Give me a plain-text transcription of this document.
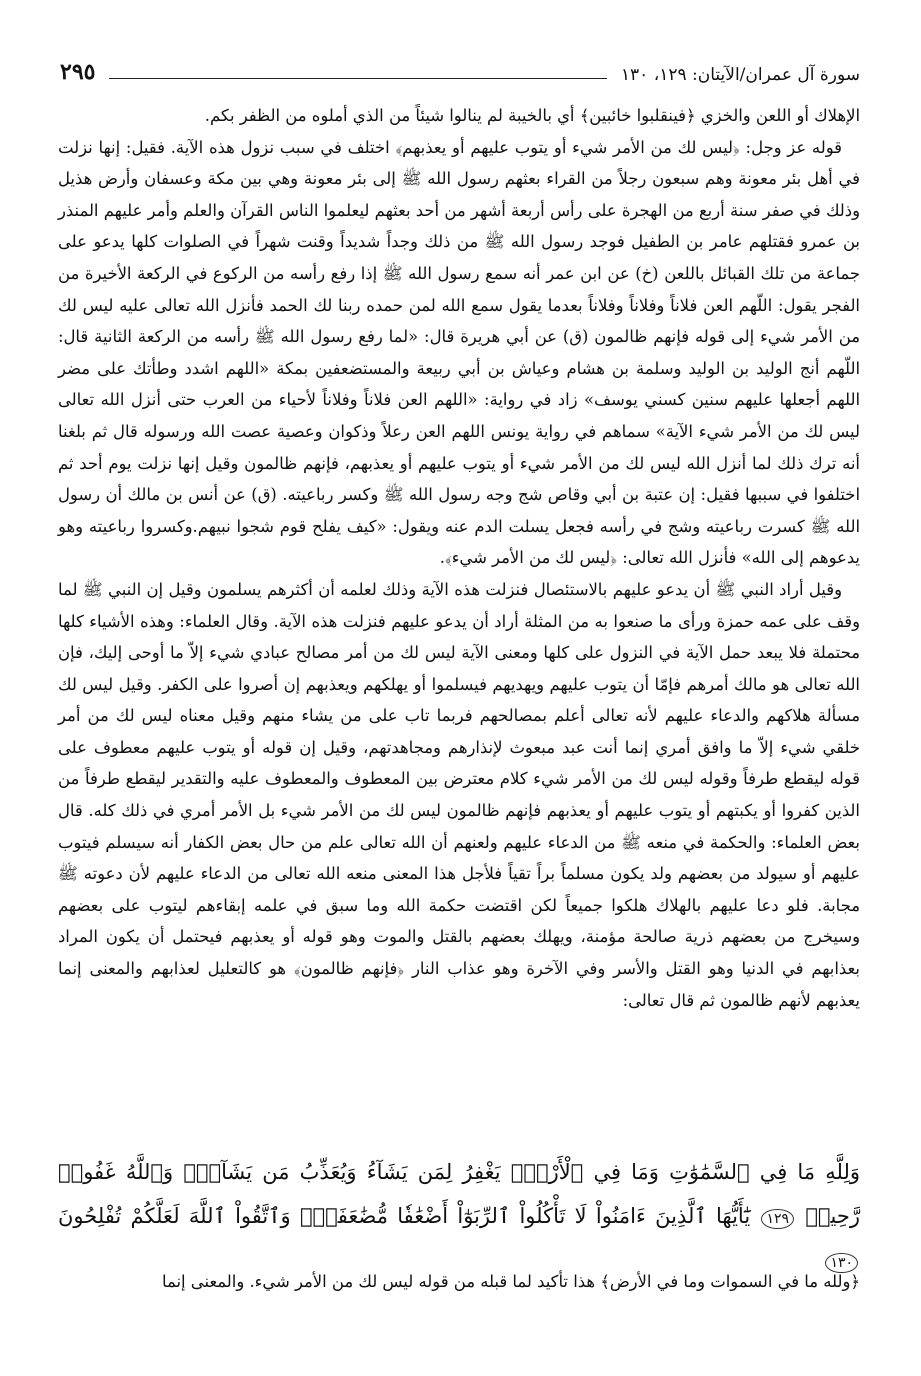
سورة آل عمران/الآيتان: ١٢٩، ١٣٠
٢٩٥

الإهلاك أو اللعن والخزي ﴿فينقلبوا خائبين﴾ أي بالخيبة لم ينالوا شيئاً من الذي أملوه من الظفر بكم.

قوله عز وجل: ﴿ليس لك من الأمر شيء أو يتوب عليهم أو يعذبهم﴾ اختلف في سبب نزول هذه الآية. فقيل: إنها نزلت في أهل بئر معونة وهم سبعون رجلاً من القراء بعثهم رسول الله ﷺ إلى بئر معونة وهي بين مكة وعسفان وأرض هذيل وذلك في صفر سنة أربع من الهجرة على رأس أربعة أشهر من أحد بعثهم ليعلموا الناس القرآن والعلم وأمر عليهم المنذر بن عمرو فقتلهم عامر بن الطفيل فوجد رسول الله ﷺ من ذلك وجداً شديداً وقنت شهراً في الصلوات كلها يدعو على جماعة من تلك القبائل باللعن (خ) عن ابن عمر أنه سمع رسول الله ﷺ إذا رفع رأسه من الركوع في الركعة الأخيرة من الفجر يقول: اللّهم العن فلاناً وفلاناً وفلاناً بعدما يقول سمع الله لمن حمده ربنا لك الحمد فأنزل الله تعالى عليه ليس لك من الأمر شيء إلى قوله فإنهم ظالمون (ق) عن أبي هريرة قال: «لما رفع رسول الله ﷺ رأسه من الركعة الثانية قال: اللّهم أنج الوليد بن الوليد وسلمة بن هشام وعياش بن أبي ربيعة والمستضعفين بمكة «اللهم اشدد وطأتك على مضر اللهم أجعلها عليهم سنين كسني يوسف» زاد في رواية: «اللهم العن فلاناً وفلاناً لأحياء من العرب حتى أنزل الله تعالى ليس لك من الأمر شيء الآية» سماهم في رواية يونس اللهم العن رعلاً وذكوان وعصية عصت الله ورسوله قال ثم بلغنا أنه ترك ذلك لما أنزل الله ليس لك من الأمر شيء أو يتوب عليهم أو يعذبهم، فإنهم ظالمون وقيل إنها نزلت يوم أحد ثم اختلفوا في سببها فقيل: إن عتبة بن أبي وقاص شج وجه رسول الله ﷺ وكسر رباعيته. (ق) عن أنس بن مالك أن رسول الله ﷺ كسرت رباعيته وشج في رأسه فجعل يسلت الدم عنه ويقول: «كيف يفلح قوم شجوا نبيهم.وكسروا رباعيته وهو يدعوهم إلى الله» فأنزل الله تعالى: ﴿ليس لك من الأمر شيء﴾.

وقيل أراد النبي ﷺ أن يدعو عليهم بالاستئصال فنزلت هذه الآية وذلك لعلمه أن أكثرهم يسلمون وقيل إن النبي ﷺ لما وقف على عمه حمزة ورأى ما صنعوا به من المثلة أراد أن يدعو عليهم فنزلت هذه الآية. وقال العلماء: وهذه الأشياء كلها محتملة فلا يبعد حمل الآية في النزول على كلها ومعنى الآية ليس لك من أمر مصالح عبادي شيء إلاّ ما أوحى إليك، فإن الله تعالى هو مالك أمرهم فإمّا أن يتوب عليهم ويهديهم فيسلموا أو يهلكهم ويعذبهم إن أصروا على الكفر. وقيل ليس لك مسألة هلاكهم والدعاء عليهم لأنه تعالى أعلم بمصالحهم فربما تاب على من يشاء منهم وقيل معناه ليس لك من أمر خلقي شيء إلاّ ما وافق أمري إنما أنت عبد مبعوث لإنذارهم ومجاهدتهم، وقيل إن قوله أو يتوب عليهم معطوف على قوله ليقطع طرفاً وقوله ليس لك من الأمر شيء كلام معترض بين المعطوف والمعطوف عليه والتقدير ليقطع طرفاً من الذين كفروا أو يكبتهم أو يتوب عليهم أو يعذبهم فإنهم ظالمون ليس لك من الأمر شيء بل الأمر أمري في ذلك كله. قال بعض العلماء: والحكمة في منعه ﷺ من الدعاء عليهم ولعنهم أن الله تعالى علم من حال بعض الكفار أنه سيسلم فيتوب عليهم أو سيولد من بعضهم ولد يكون مسلماً براً تقياً فلأجل هذا المعنى منعه الله تعالى من الدعاء عليهم لأن دعوته ﷺ مجابة. فلو دعا عليهم بالهلاك هلكوا جميعاً لكن اقتضت حكمة الله وما سبق في علمه إبقاءهم ليتوب على بعضهم وسيخرج من بعضهم ذرية صالحة مؤمنة، ويهلك بعضهم بالقتل والموت وهو قوله أو يعذبهم فيحتمل أن يكون المراد بعذابهم في الدنيا وهو القتل والأسر وفي الآخرة وهو عذاب النار ﴿فإنهم ظالمون﴾ هو كالتعليل لعذابهم والمعنى إنما يعذبهم لأنهم ظالمون ثم قال تعالى:

وَلِلَّهِ مَا فِي ٱلسَّمَٰوَٰتِ وَمَا فِي ٱلْأَرْضِۚ يَغْفِرُ لِمَن يَشَآءُ وَيُعَذِّبُ مَن يَشَآءُۚ وَٱللَّهُ غَفُورٞ رَّحِيمٞ ١٢٩ يَٰٓأَيُّهَا ٱلَّذِينَ ءَامَنُواْ لَا تَأْكُلُواْ ٱلرِّبَوٰٓاْ أَضْعَٰفٗا مُّضَٰعَفَةٗۖ وَٱتَّقُواْ ٱللَّهَ لَعَلَّكُمْ تُفْلِحُونَ ١٣٠

﴿ولله ما في السموات وما في الأرض﴾ هذا تأكيد لما قبله من قوله ليس لك من الأمر شيء. والمعنى إنما
